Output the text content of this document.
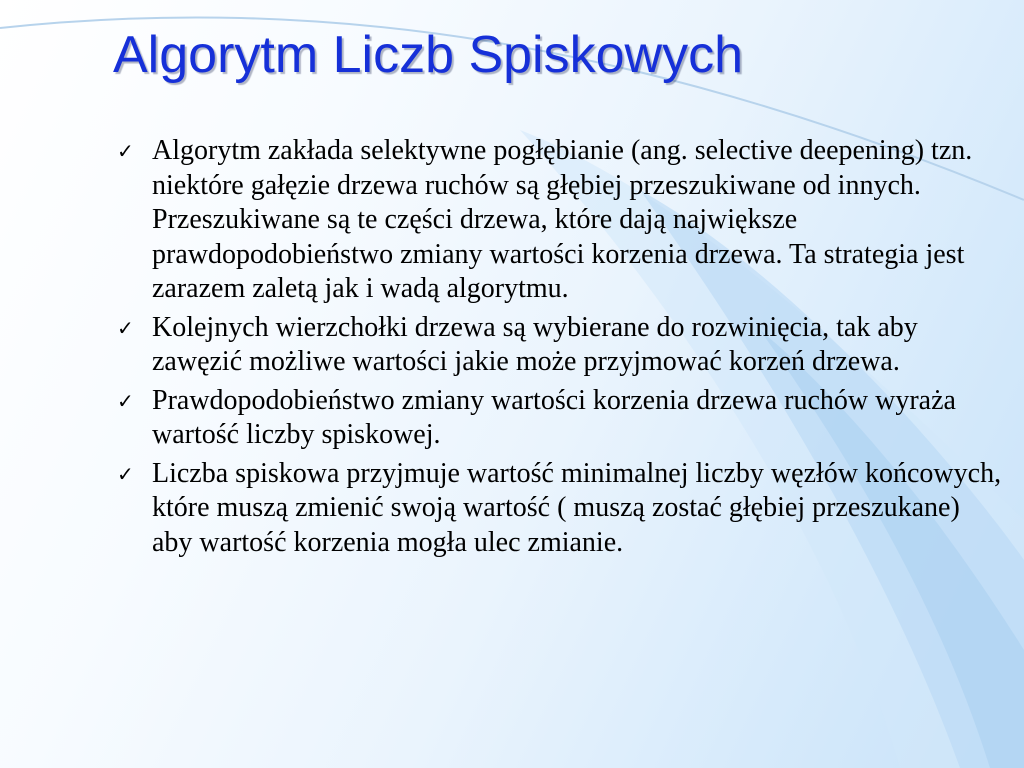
Algorytm Liczb Spiskowych
✓ Algorytm zakłada selektywne pogłębianie (ang. selective deepening) tzn. niektóre gałęzie drzewa ruchów są głębiej przeszukiwane od innych. Przeszukiwane są te części drzewa, które dają największe prawdopodobieństwo zmiany wartości korzenia drzewa. Ta strategia jest zarazem zaletą jak i wadą algorytmu.
✓ Kolejnych wierzchołki drzewa są wybierane do rozwinięcia, tak aby zawęzić możliwe wartości jakie może przyjmować korzeń drzewa.
✓ Prawdopodobieństwo zmiany wartości korzenia drzewa ruchów wyraża wartość liczby spiskowej.
✓ Liczba spiskowa przyjmuje wartość minimalnej liczby węzłów końcowych, które muszą zmienić swoją wartość ( muszą zostać głębiej przeszukane) aby wartość korzenia mogła ulec zmianie.
